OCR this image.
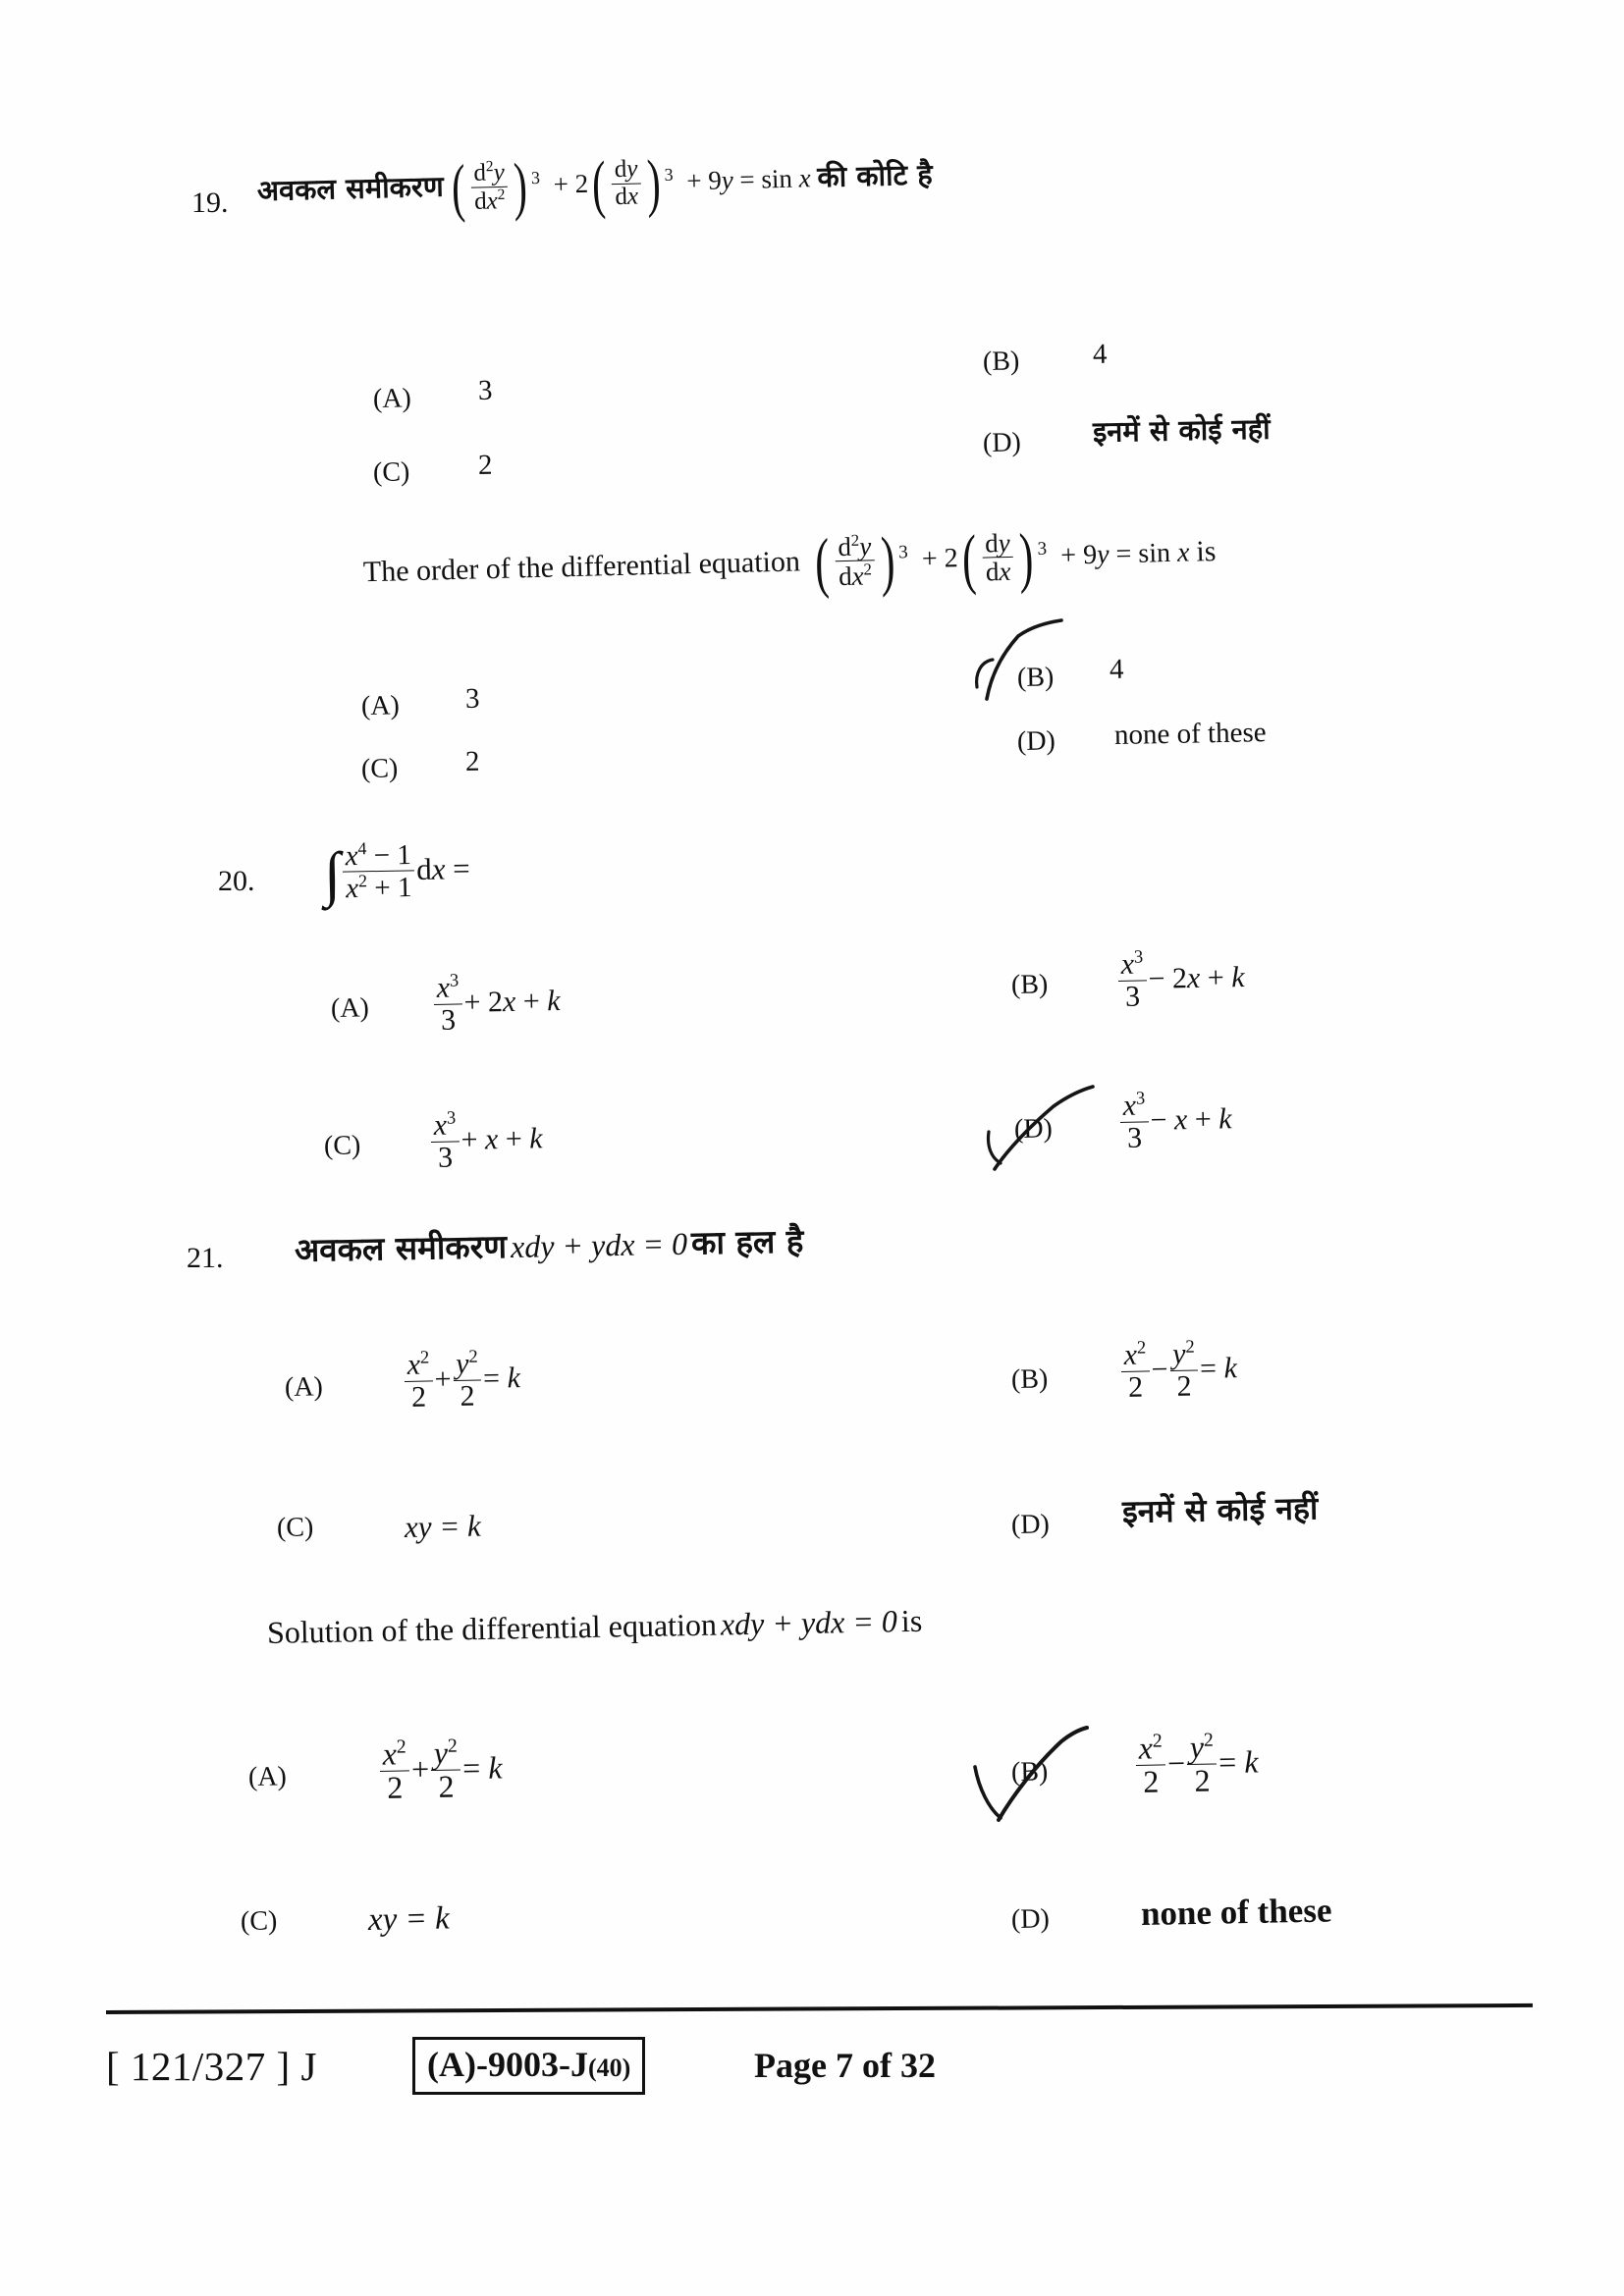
19. अवकल समीकरण ( $\frac{d^2y}{dx^2}$ ) $^3 + 2( \frac{dy}{dx}$ ) $^3$  + 9y = sin x की कोटि है
(A) 3
(B)	4
(C) 2
(D)	इनमें से कोई नहीं
The order of the differential equation ( $\frac{d^2y}{dx^2}$ ) $^3 + 2( \frac{dy}{dx}$ ) $^3$  + 9y = sin x is
(A) 3
(B) 4
(C) 2
(D) none of these
20. ∫ $\frac{x^4 - 1}{x^2 + 1}$ dx =
$(A) \frac{x^3}{3} + 2x + k$	$(B) \frac{x^3}{3} - 2x + k$
$(C) \frac{x^3}{3} + x + k$	$(D) \frac{x^3}{3} - x + k$
21. अवकल समीकरण xdy + ydx = 0 का हल है
(A)	$\frac{x^2}{2} + \frac{y^2}{2} = k$	$(B) \frac{x^2}{2} - \frac{y^2}{2} = k$
(C)	xy = k	(D) इनमें से कोई नहीं
Solution of the differential equation xdy + ydx = 0 is
(A)	$\frac{x^2}{2} + \frac{y^2}{2} = k$	(B)	$\frac{x^2}{2} - \frac{y^2}{2} = k$
(C)	xy = k	(D)	none of these
[ 121/327 ] J	(A)-9003-J(40)	Page 7 of 32
